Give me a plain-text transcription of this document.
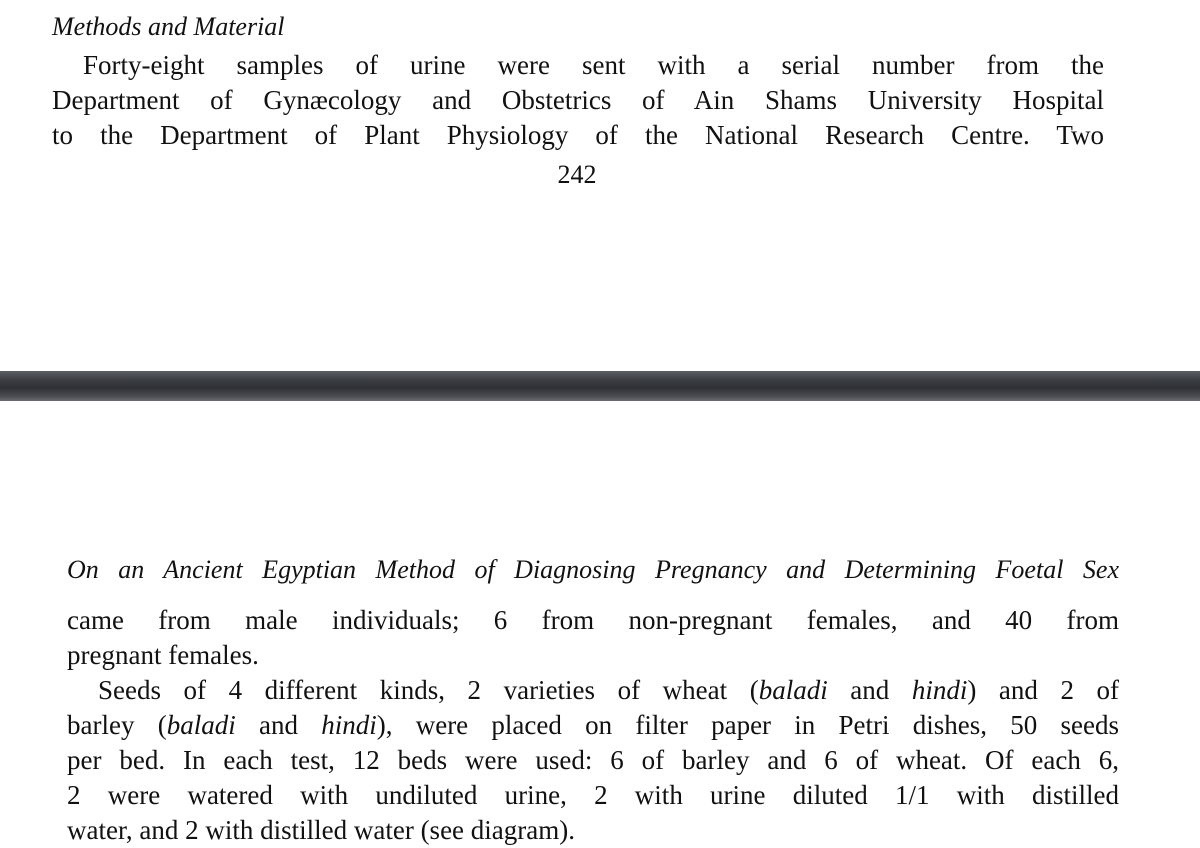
Methods and Material
Forty-eight samples of urine were sent with a serial number from the
Department of Gynæcology and Obstetrics of Ain Shams University Hospital
to the Department of Plant Physiology of the National Research Centre. Two
242
On an Ancient Egyptian Method of Diagnosing Pregnancy and Determining Foetal Sex
came from male individuals; 6 from non-pregnant females, and 40 from
pregnant females.
Seeds of 4 different kinds, 2 varieties of wheat (baladi and hindi) and 2 of
barley (baladi and hindi), were placed on filter paper in Petri dishes, 50 seeds
per bed. In each test, 12 beds were used: 6 of barley and 6 of wheat. Of each 6,
2 were watered with undiluted urine, 2 with urine diluted 1/1 with distilled
water, and 2 with distilled water (see diagram).
